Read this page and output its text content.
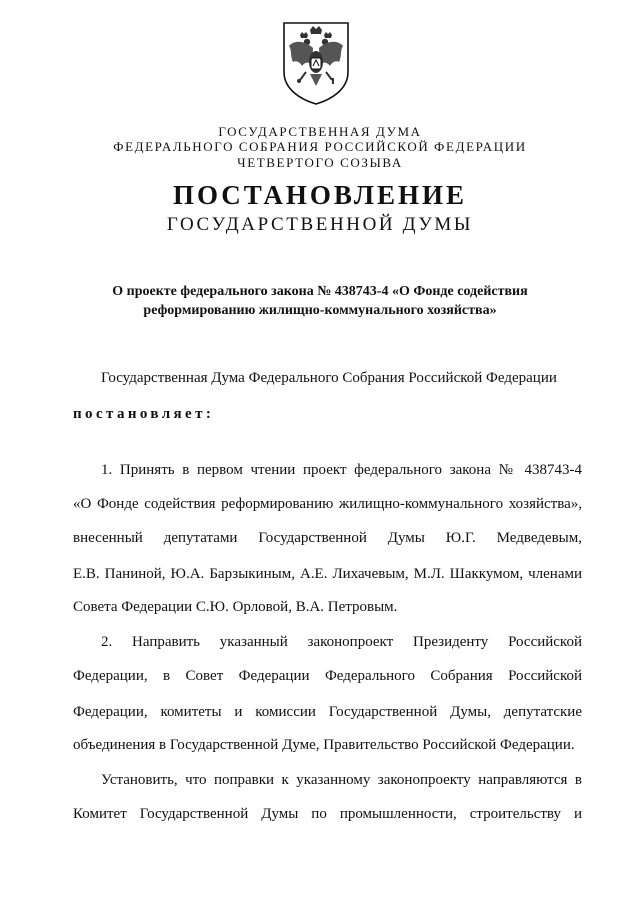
ГОСУДАРСТВЕННАЯ ДУМА
ФЕДЕРАЛЬНОГО СОБРАНИЯ РОССИЙСКОЙ ФЕДЕРАЦИИ
ЧЕТВЕРТОГО СОЗЫВА
ПОСТАНОВЛЕНИЕ
ГОСУДАРСТВЕННОЙ ДУМЫ
О проекте федерального закона № 438743-4 «О Фонде содействия
реформированию жилищно-коммунального хозяйства»
Государственная Дума Федерального Собрания Российской Федерации
постановляет:
1. Принять в первом чтении проект федерального закона № 438743-4
«О Фонде содействия реформированию жилищно-коммунального хозяйства»,
внесенный депутатами Государственной Думы Ю.Г. Медведевым,
Е.В. Паниной, Ю.А. Барзыкиным, А.Е. Лихачевым, М.Л. Шаккумом, членами
Совета Федерации С.Ю. Орловой, В.А. Петровым.
2. Направить указанный законопроект Президенту Российской
Федерации, в Совет Федерации Федерального Собрания Российской
Федерации, комитеты и комиссии Государственной Думы, депутатские
объединения в Государственной Думе, Правительство Российской Федерации.
Установить, что поправки к указанному законопроекту направляются в
Комитет Государственной Думы по промышленности, строительству и
